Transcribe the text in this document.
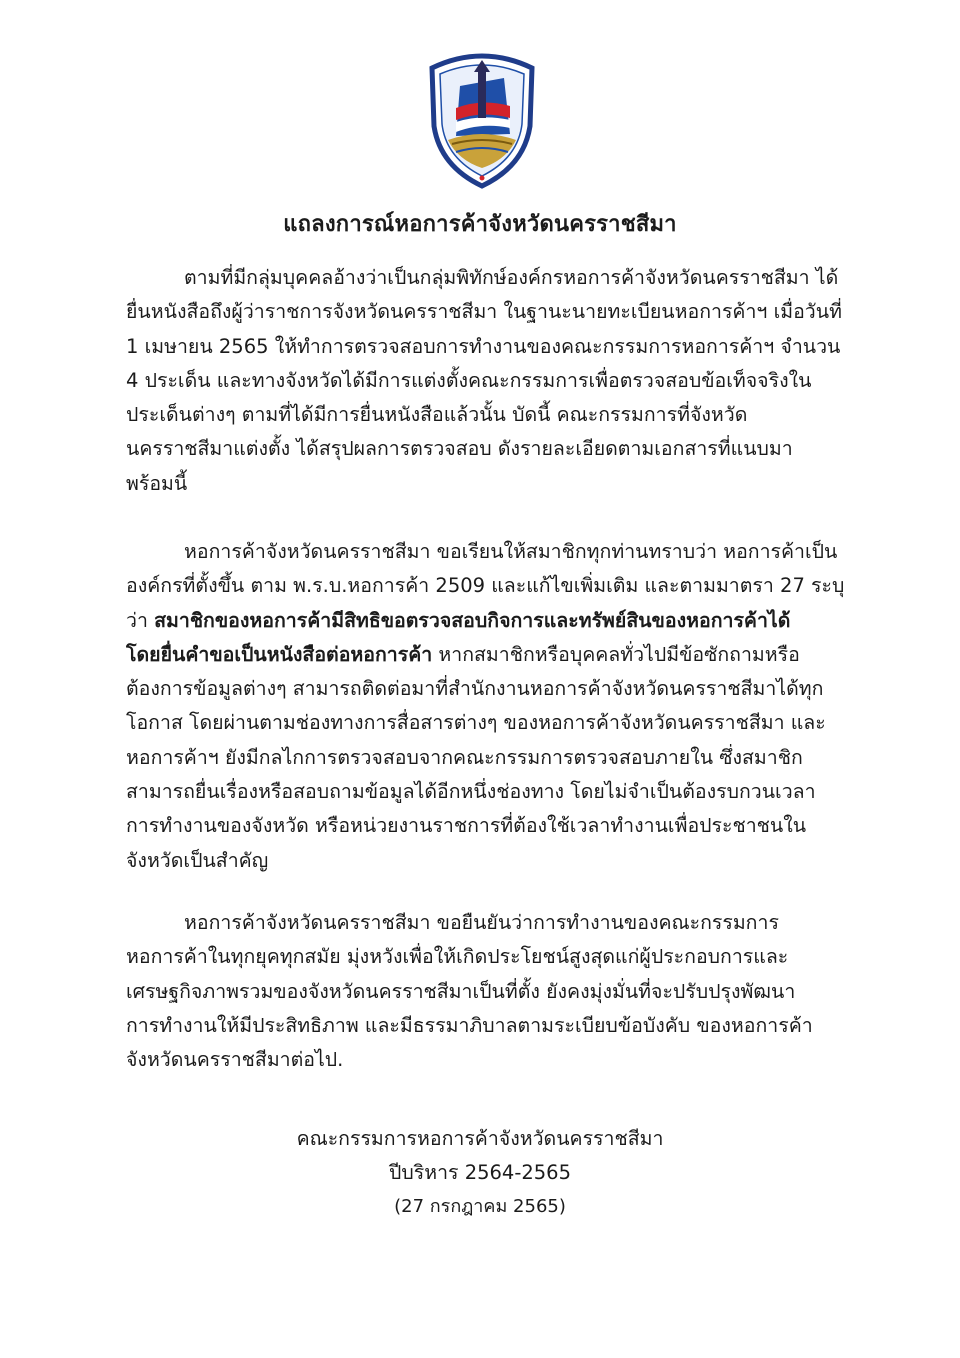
แถลงการณ์หอการค้าจังหวัดนครราชสีมา
ตามที่มีกลุ่มบุคคลอ้างว่าเป็นกลุ่มพิทักษ์องค์กรหอการค้าจังหวัดนครราชสีมา ได้
ยื่นหนังสือถึงผู้ว่าราชการจังหวัดนครราชสีมา ในฐานะนายทะเบียนหอการค้าฯ เมื่อวันที่
1 เมษายน 2565 ให้ทำการตรวจสอบการทำงานของคณะกรรมการหอการค้าฯ จำนวน
4 ประเด็น และทางจังหวัดได้มีการแต่งตั้งคณะกรรมการเพื่อตรวจสอบข้อเท็จจริงใน
ประเด็นต่างๆ ตามที่ได้มีการยื่นหนังสือแล้วนั้น บัดนี้ คณะกรรมการที่จังหวัด
นครราชสีมาแต่งตั้ง ได้สรุปผลการตรวจสอบ ดังรายละเอียดตามเอกสารที่แนบมา
พร้อมนี้
หอการค้าจังหวัดนครราชสีมา ขอเรียนให้สมาชิกทุกท่านทราบว่า หอการค้าเป็น
องค์กรที่ตั้งขึ้น ตาม พ.ร.บ.หอการค้า 2509 และแก้ไขเพิ่มเติม และตามมาตรา 27 ระบุ
ว่า สมาชิกของหอการค้ามีสิทธิขอตรวจสอบกิจการและทรัพย์สินของหอการค้าได้
โดยยื่นคำขอเป็นหนังสือต่อหอการค้า หากสมาชิกหรือบุคคลทั่วไปมีข้อซักถามหรือ
ต้องการข้อมูลต่างๆ สามารถติดต่อมาที่สำนักงานหอการค้าจังหวัดนครราชสีมาได้ทุก
โอกาส โดยผ่านตามช่องทางการสื่อสารต่างๆ ของหอการค้าจังหวัดนครราชสีมา และ
หอการค้าฯ ยังมีกลไกการตรวจสอบจากคณะกรรมการตรวจสอบภายใน ซึ่งสมาชิก
สามารถยื่นเรื่องหรือสอบถามข้อมูลได้อีกหนึ่งช่องทาง โดยไม่จำเป็นต้องรบกวนเวลา
การทำงานของจังหวัด หรือหน่วยงานราชการที่ต้องใช้เวลาทำงานเพื่อประชาชนใน
จังหวัดเป็นสำคัญ
หอการค้าจังหวัดนครราชสีมา ขอยืนยันว่าการทำงานของคณะกรรมการ
หอการค้าในทุกยุคทุกสมัย มุ่งหวังเพื่อให้เกิดประโยชน์สูงสุดแก่ผู้ประกอบการและ
เศรษฐกิจภาพรวมของจังหวัดนครราชสีมาเป็นที่ตั้ง ยังคงมุ่งมั่นที่จะปรับปรุงพัฒนา
การทำงานให้มีประสิทธิภาพ และมีธรรมาภิบาลตามระเบียบข้อบังคับ ของหอการค้า
จังหวัดนครราชสีมาต่อไป.
คณะกรรมการหอการค้าจังหวัดนครราชสีมา
ปีบริหาร 2564-2565
(27 กรกฎาคม 2565)
